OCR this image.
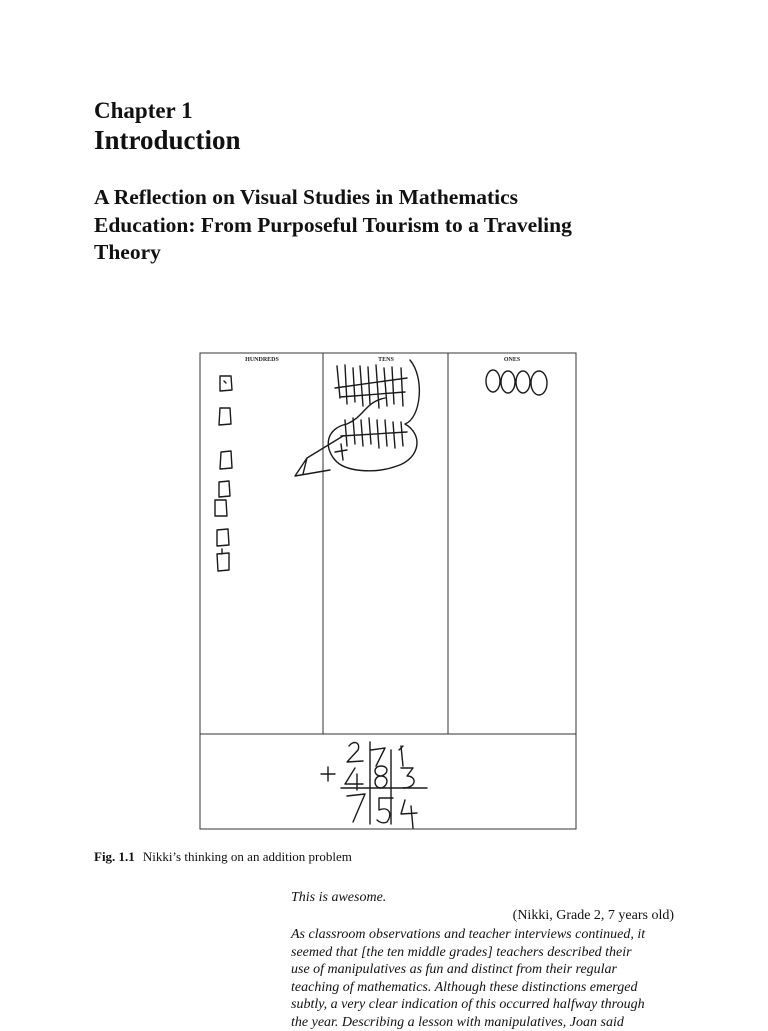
Chapter 1
Introduction
A Reflection on Visual Studies in Mathematics
Education: From Purposeful Tourism to a Traveling
Theory
HUNDREDS	TENS	ONES
Fig. 1.1 Nikki’s thinking on an addition problem
This is awesome.
(Nikki, Grade 2, 7 years old)
As classroom observations and teacher interviews continued, it
seemed that [the ten middle grades] teachers described their
use of manipulatives as fun and distinct from their regular
teaching of mathematics. Although these distinctions emerged
subtly, a very clear indication of this occurred halfway through
the year. Describing a lesson with manipulatives, Joan said
